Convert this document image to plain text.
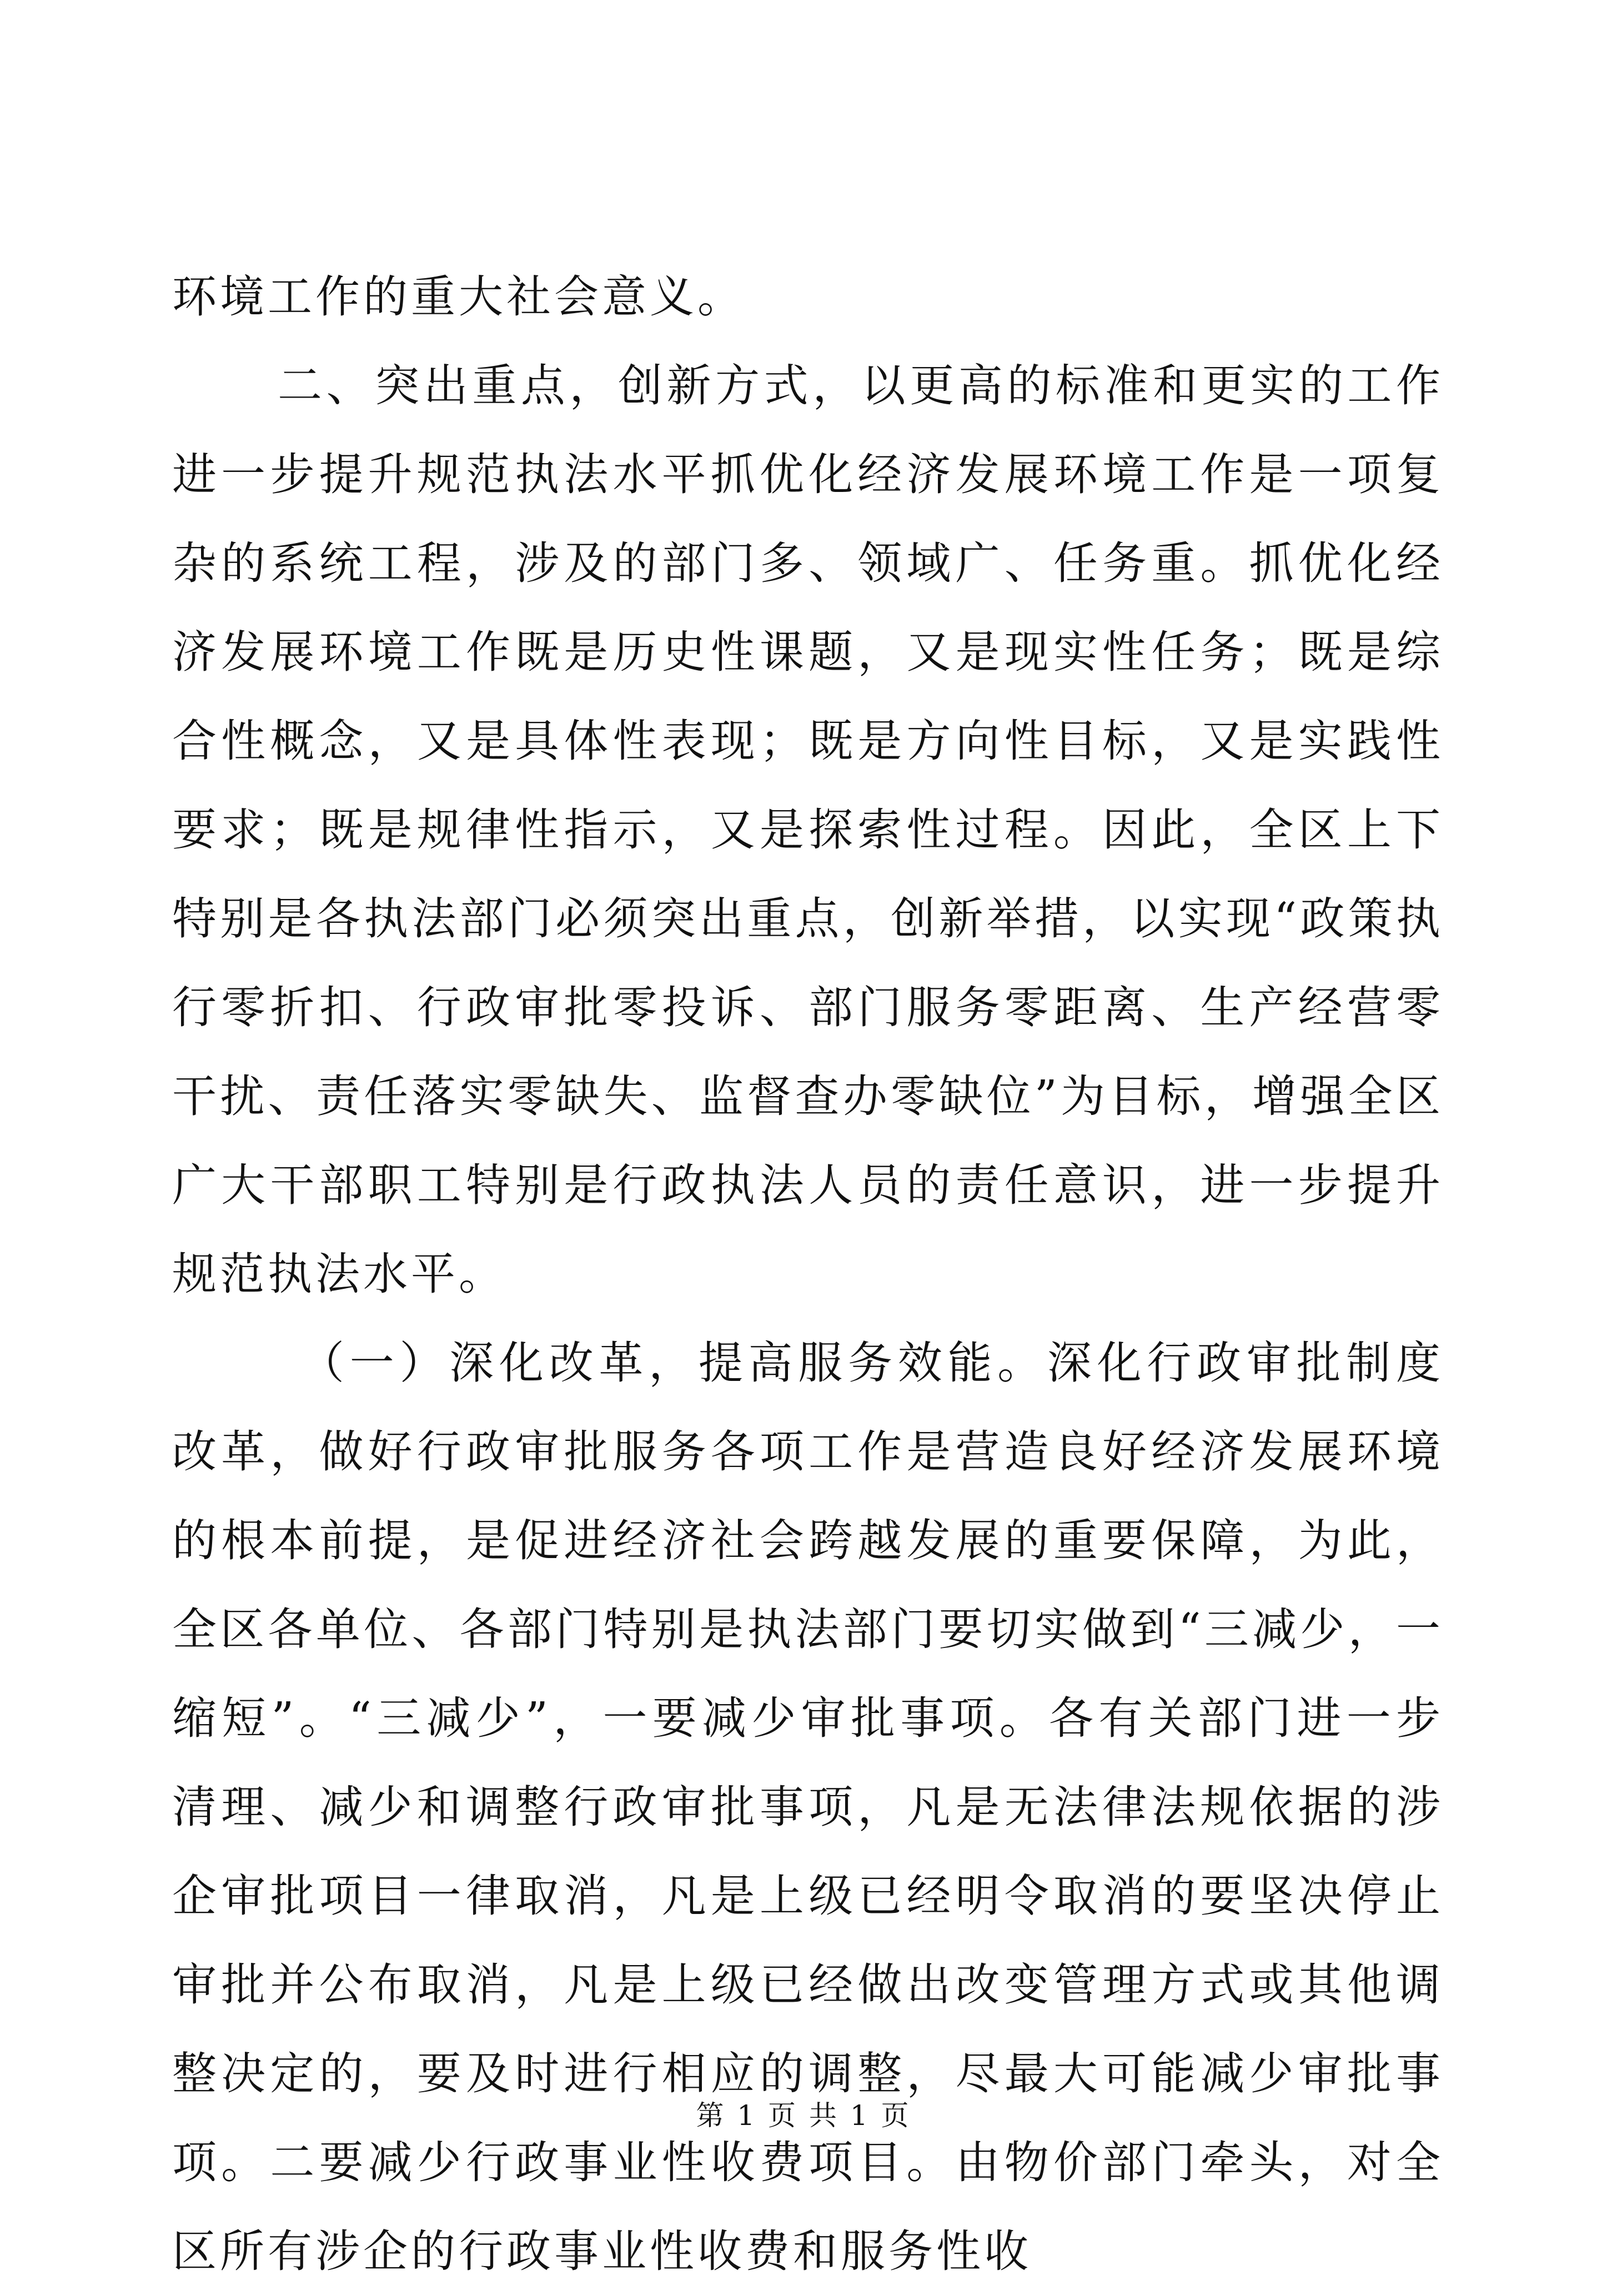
环境工作的重大社会意义。

二、突出重点，创新方式，以更高的标准和更实的工作进一步提升规范执法水平抓优化经济发展环境工作是一项复杂的系统工程，涉及的部门多、领域广、任务重。抓优化经济发展环境工作既是历史性课题，又是现实性任务；既是综合性概念，又是具体性表现；既是方向性目标，又是实践性要求；既是规律性指示，又是探索性过程。因此，全区上下特别是各执法部门必须突出重点，创新举措，以实现“政策执行零折扣、行政审批零投诉、部门服务零距离、生产经营零干扰、责任落实零缺失、监督查办零缺位”为目标，增强全区广大干部职工特别是行政执法人员的责任意识，进一步提升规范执法水平。

（一）深化改革，提高服务效能。深化行政审批制度改革，做好行政审批服务各项工作是营造良好经济发展环境的根本前提，是促进经济社会跨越发展的重要保障，为此，全区各单位、各部门特别是执法部门要切实做到“三减少，一缩短”。“三减少”，一要减少审批事项。各有关部门进一步清理、减少和调整行政审批事项，凡是无法律法规依据的涉企审批项目一律取消，凡是上级已经明令取消的要坚决停止审批并公布取消，凡是上级已经做出改变管理方式或其他调整决定的，要及时进行相应的调整，尽最大可能减少审批事项。二要减少行政事业性收费项目。由物价部门牵头，对全区所有涉企的行政事业性收费和服务性收

第 1 页 共 1 页
